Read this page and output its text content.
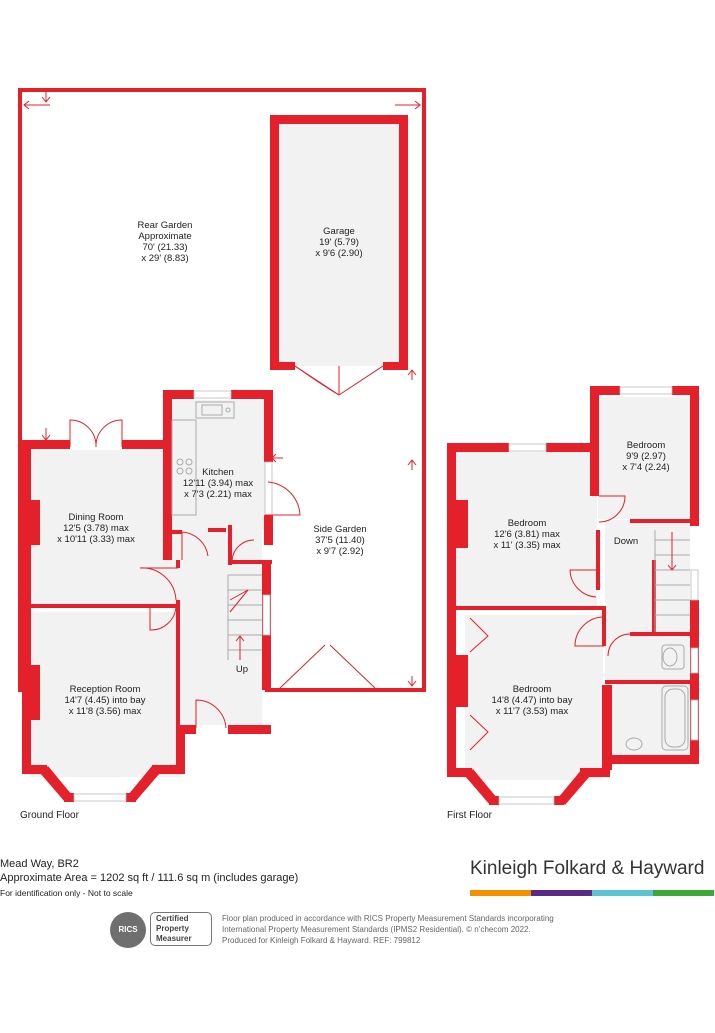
Rear Garden
Approximate
70' (21.33)
x 29' (8.83)
Garage
19' (5.79)
x 9'6 (2.90)
Kitchen
12'11 (3.94) max
x 7'3 (2.21) max
Dining Room
12'5 (3.78) max
x 10'11 (3.33) max
Side Garden
37'5 (11.40)
x 9'7 (2.92)
Reception Room
14'7 (4.45) into bay
x 11'8 (3.56) max
Up
Bedroom
9'9 (2.97)
x 7'4 (2.24)
Bedroom
12'6 (3.81) max
x 11' (3.35) max	Down
Bedroom
14'8 (4.47) into bay
x 11'7 (3.53) max
Ground Floor	First Floor
Mead Way, BR2
Approximate Area = 1202 sq ft / 111.6 sq m (includes garage)
For identification only - Not to scale
Kinleigh Folkard & Hayward
RICS
Certified
Property
Measurer
Floor plan produced in accordance with RICS Property Measurement Standards incorporating
International Property Measurement Standards (IPMS2 Residential). © n’checom 2022.
Produced for Kinleigh Folkard & Hayward. REF: 799812
